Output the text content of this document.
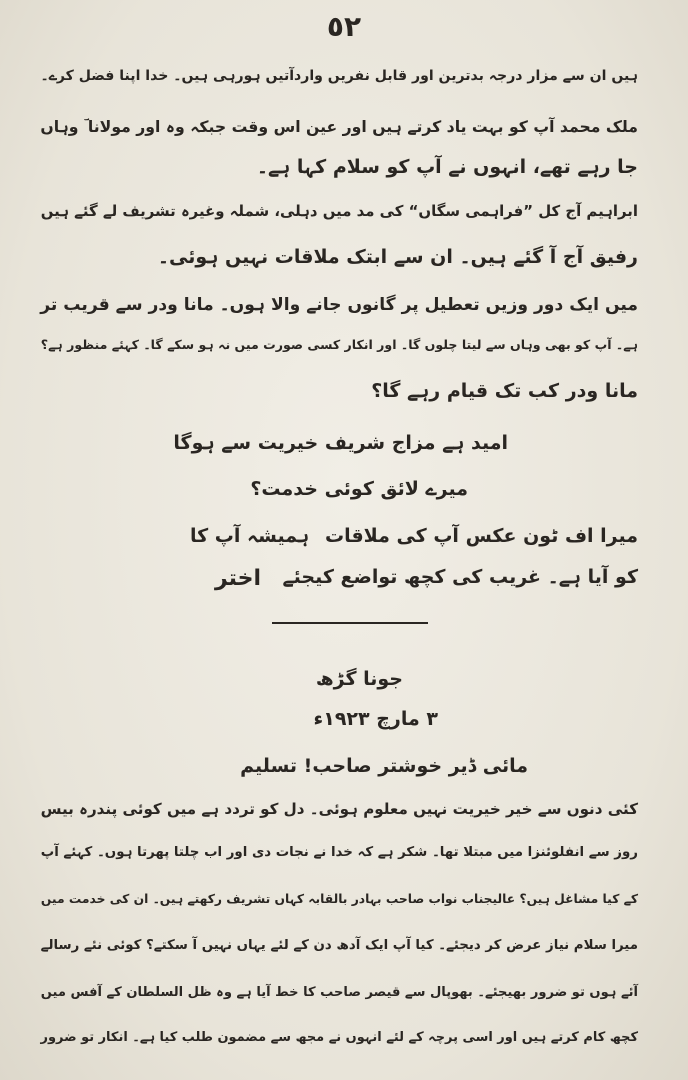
٥٢
ہیں ان سے مزار درجہ بدترین اور قابل نفریں واردآتیں ہورہی ہیں۔ خدا اپنا فضل کرے۔
ملک محمد آپ کو بہت یاد کرتے ہیں اور عین اس وقت جبکہ وہ اور مولانا ؔ وہاں
جا رہے تھے، انہوں نے آپ کو سلام کہا ہے۔
ابراہیم آج کل ”فراہمی سگاں“ کی مد میں دہلی، شملہ وغیرہ تشریف لے گئے ہیں
رفیق آج آ گئے ہیں۔ ان سے ابتک ملاقات نہیں ہوئی۔
میں ایک دور وزیں تعطیل پر گانوں جانے والا ہوں۔ مانا ودر سے قریب تر
ہے۔ آپ کو بھی وہاں سے لیتا چلوں گا۔ اور انکار کسی صورت میں نہ ہو سکے گا۔ کہئے منظور ہے؟
مانا ودر کب تک قیام رہے گا؟
امید ہے مزاج شریف خیریت سے ہوگا
میرے لائق کوئی خدمت؟
میرا اف ٹون عکس آپ کی ملاقات
کو آیا ہے۔ غریب کی کچھ تواضع کیجئے
ہمیشہ آپ کا
اختر
جونا گڑھ
۳ مارچ ۱۹۲۳ء
مائی ڈیر خوشتر صاحب! تسلیم
کئی دنوں سے خیر خیریت نہیں معلوم ہوئی۔ دل کو تردد ہے میں کوئی پندرہ بیس
روز سے انفلوئنزا میں مبتلا تھا۔ شکر ہے کہ خدا نے نجات دی اور اب چلتا پھرتا ہوں۔ کہئے آپ
کے کیا مشاغل ہیں؟ عالیجناب نواب صاحب بہادر بالقابہ کہاں تشریف رکھتے ہیں۔ ان کی خدمت میں
میرا سلام نیاز عرض کر دیجئے۔ کیا آپ ایک آدھ دن کے لئے یہاں نہیں آ سکتے؟ کوئی نئے رسالے
آئے ہوں تو ضرور بھیجئے۔ بھوپال سے قیصر صاحب کا خط آیا ہے وہ ظل السلطان کے آفس میں
کچھ کام کرتے ہیں اور اسی پرچہ کے لئے انہوں نے مجھ سے مضمون طلب کیا ہے۔ انکار تو ضرور
